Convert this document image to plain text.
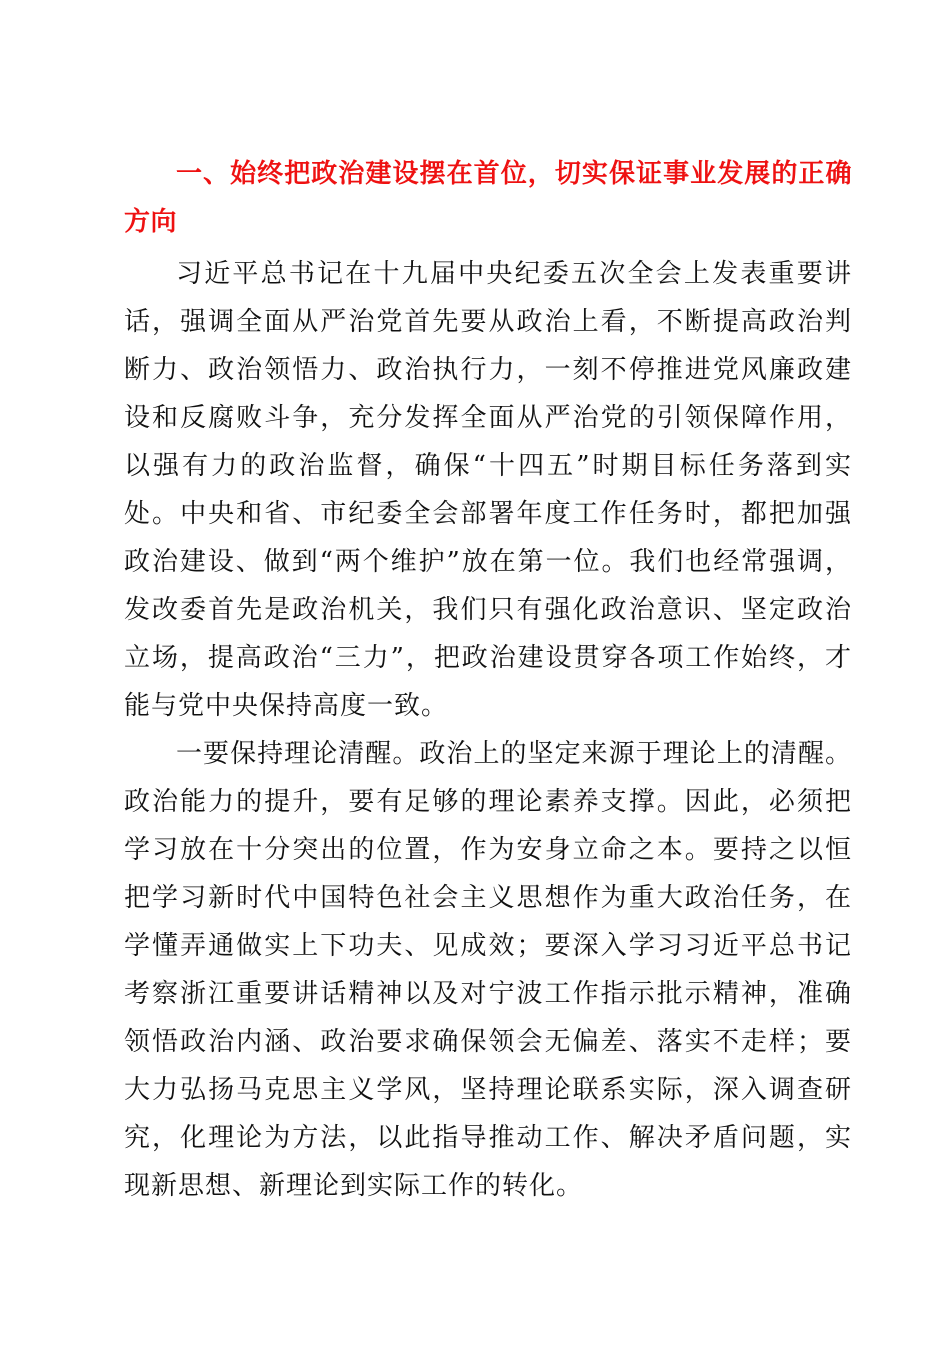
一、始终把政治建设摆在首位，切实保证事业发展的正确方向

习近平总书记在十九届中央纪委五次全会上发表重要讲话，强调全面从严治党首先要从政治上看，不断提高政治判断力、政治领悟力、政治执行力，一刻不停推进党风廉政建设和反腐败斗争，充分发挥全面从严治党的引领保障作用，以强有力的政治监督，确保“十四五”时期目标任务落到实处。中央和省、市纪委全会部署年度工作任务时，都把加强政治建设、做到“两个维护”放在第一位。我们也经常强调，发改委首先是政治机关，我们只有强化政治意识、坚定政治立场，提高政治“三力”，把政治建设贯穿各项工作始终，才能与党中央保持高度一致。

一要保持理论清醒。政治上的坚定来源于理论上的清醒。政治能力的提升，要有足够的理论素养支撑。因此，必须把学习放在十分突出的位置，作为安身立命之本。要持之以恒把学习新时代中国特色社会主义思想作为重大政治任务，在学懂弄通做实上下功夫、见成效；要深入学习习近平总书记考察浙江重要讲话精神以及对宁波工作指示批示精神，准确领悟政治内涵、政治要求确保领会无偏差、落实不走样；要大力弘扬马克思主义学风，坚持理论联系实际，深入调查研究，化理论为方法，以此指导推动工作、解决矛盾问题，实现新思想、新理论到实际工作的转化。
